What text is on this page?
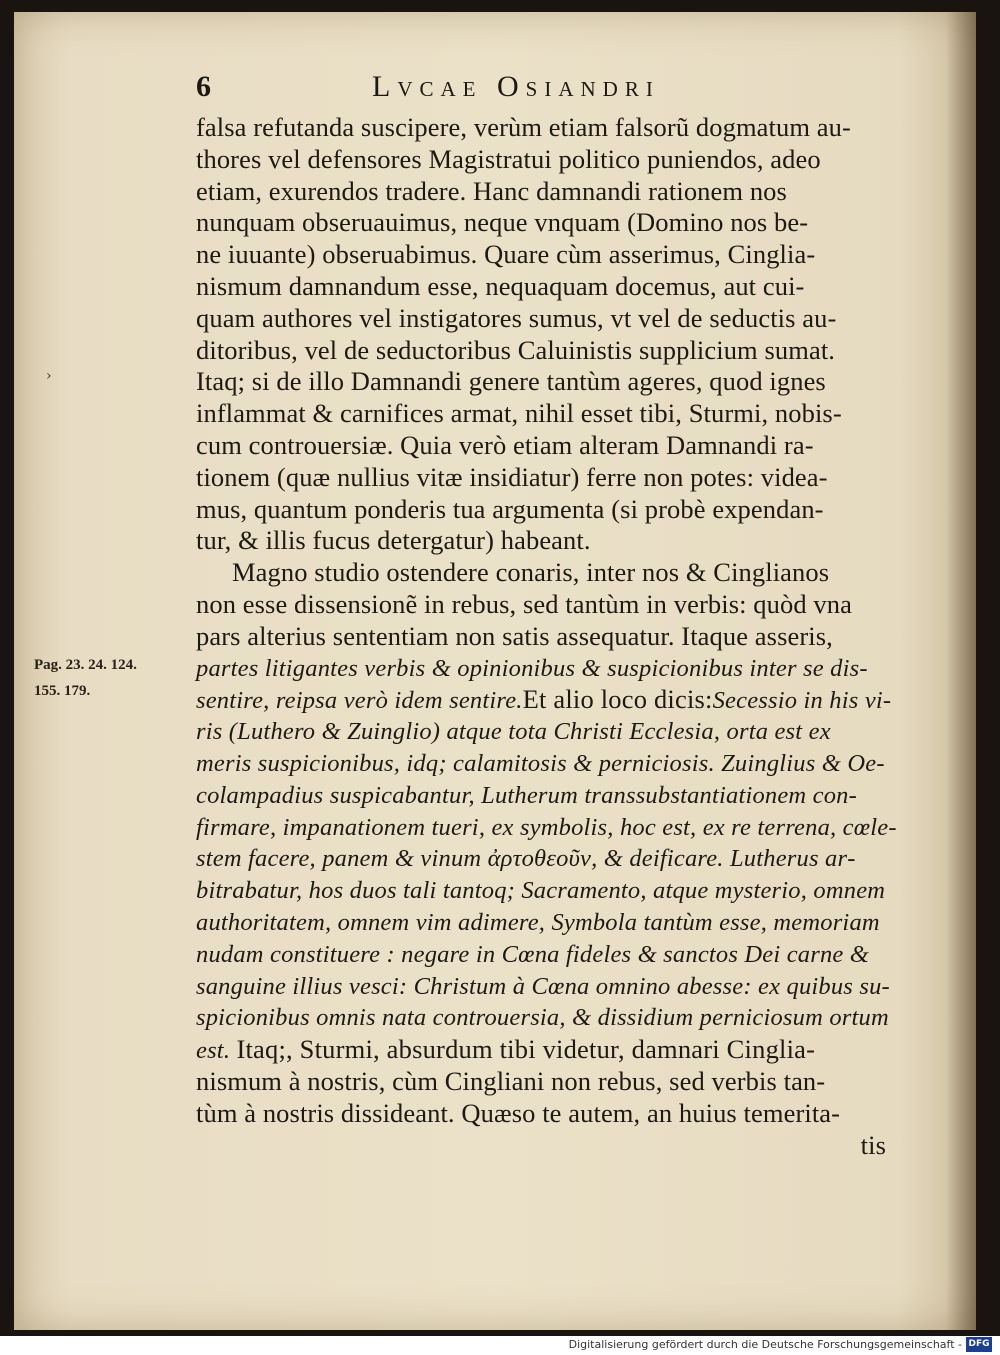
6	Lvcae Osiandri
›
Pag. 23. 24. 124.
155. 179.
falsa refutanda suscipere, verùm etiam falsorũ dogmatum au‑
thores vel defensores Magistratui politico puniendos, adeo
etiam, exurendos tradere. Hanc damnandi rationem nos
nunquam obseruauimus, neque vnquam (Domino nos be‑
ne iuuante) obseruabimus. Quare cùm asserimus, Cinglia‑
nismum damnandum esse, nequaquam docemus, aut cui‑
quam authores vel instigatores sumus, vt vel de seductis au‑
ditoribus, vel de seductoribus Caluinistis supplicium sumat.
Itaq; si de illo Damnandi genere tantùm ageres, quod ignes
inflammat & carnifices armat, nihil esset tibi, Sturmi, nobis‑
cum controuersiæ. Quia verò etiam alteram Damnandi ra‑
tionem (quæ nullius vitæ insidiatur) ferre non potes: videa‑
mus, quantum ponderis tua argumenta (si probè expendan‑
tur, & illis fucus detergatur) habeant.
Magno studio ostendere conaris, inter nos & Cinglianos
non esse dissensionẽ in rebus, sed tantùm in verbis: quòd vna
pars alterius sententiam non satis assequatur. Itaque asseris,
partes litigantes verbis & opinionibus & suspicionibus inter se dis‑
sentire, reipsa verò idem sentire.Et alio loco dicis:Secessio in his vi‑
ris (Luthero & Zuinglio) atque tota Christi Ecclesia, orta est ex
meris suspicionibus, idq; calamitosis & perniciosis. Zuinglius & Oe‑
colampadius suspicabantur, Lutherum transsubstantiationem con‑
firmare, impanationem tueri, ex symbolis, hoc est, ex re terrena, cœle‑
stem facere, panem & vinum ἀρτοθεοῦν, & deificare. Lutherus ar‑
bitrabatur, hos duos tali tantoq; Sacramento, atque mysterio, omnem
authoritatem, omnem vim adimere, Symbola tantùm esse, memoriam
nudam constituere : negare in Cœna fideles & sanctos Dei carne &
sanguine illius vesci: Christum à Cœna omnino abesse: ex quibus su‑
spicionibus omnis nata controuersia, & dissidium perniciosum ortum
est. Itaq;, Sturmi, absurdum tibi videtur, damnari Cinglia‑
nismum à nostris, cùm Cingliani non rebus, sed verbis tan‑
tùm à nostris dissideant. Quæso te autem, an huius temerita‑
tis
Digitalisierung gefördert durch die Deutsche Forschungsgemeinschaft - DFG
